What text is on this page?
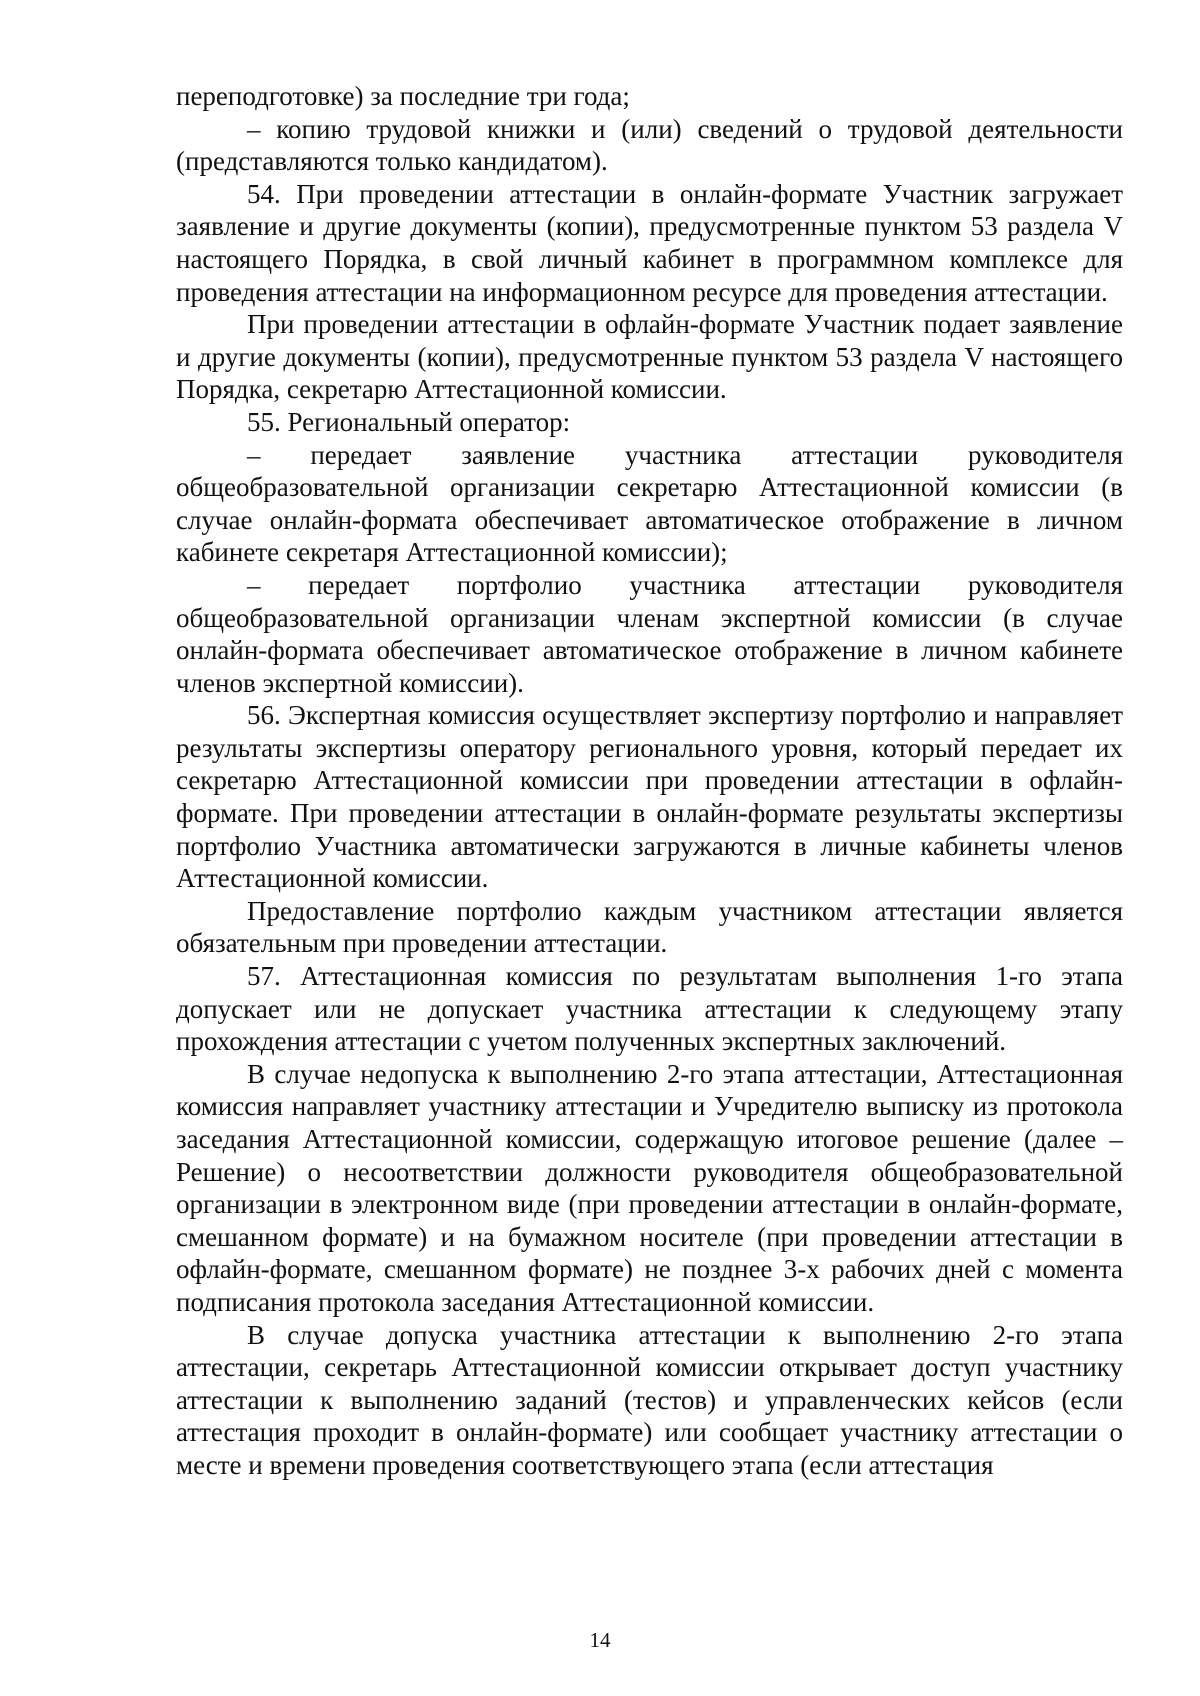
переподготовке) за последние три года;

– копию трудовой книжки и (или) сведений о трудовой деятельности (представляются только кандидатом).

54. При проведении аттестации в онлайн-формате Участник загружает заявление и другие документы (копии), предусмотренные пунктом 53 раздела V настоящего Порядка, в свой личный кабинет в программном комплексе для проведения аттестации на информационном ресурсе для проведения аттестации.

При проведении аттестации в офлайн-формате Участник подает заявление и другие документы (копии), предусмотренные пунктом 53 раздела V настоящего Порядка, секретарю Аттестационной комиссии.

55. Региональный оператор:

– передает заявление участника аттестации руководителя общеобразовательной организации секретарю Аттестационной комиссии (в случае онлайн-формата обеспечивает автоматическое отображение в личном кабинете секретаря Аттестационной комиссии);

– передает портфолио участника аттестации руководителя общеобразовательной организации членам экспертной комиссии (в случае онлайн-формата обеспечивает автоматическое отображение в личном кабинете членов экспертной комиссии).

56. Экспертная комиссия осуществляет экспертизу портфолио и направляет результаты экспертизы оператору регионального уровня, который передает их секретарю Аттестационной комиссии при проведении аттестации в офлайн-формате. При проведении аттестации в онлайн-формате результаты экспертизы портфолио Участника автоматически загружаются в личные кабинеты членов Аттестационной комиссии.

Предоставление портфолио каждым участником аттестации является обязательным при проведении аттестации.

57. Аттестационная комиссия по результатам выполнения 1-го этапа допускает или не допускает участника аттестации к следующему этапу прохождения аттестации с учетом полученных экспертных заключений.

В случае недопуска к выполнению 2-го этапа аттестации, Аттестационная комиссия направляет участнику аттестации и Учредителю выписку из протокола заседания Аттестационной комиссии, содержащую итоговое решение (далее – Решение) о несоответствии должности руководителя общеобразовательной организации в электронном виде (при проведении аттестации в онлайн-формате, смешанном формате) и на бумажном носителе (при проведении аттестации в офлайн-формате, смешанном формате) не позднее 3-х рабочих дней с момента подписания протокола заседания Аттестационной комиссии.

В случае допуска участника аттестации к выполнению 2-го этапа аттестации, секретарь Аттестационной комиссии открывает доступ участнику аттестации к выполнению заданий (тестов) и управленческих кейсов (если аттестация проходит в онлайн-формате) или сообщает участнику аттестации о месте и времени проведения соответствующего этапа (если аттестация

14
